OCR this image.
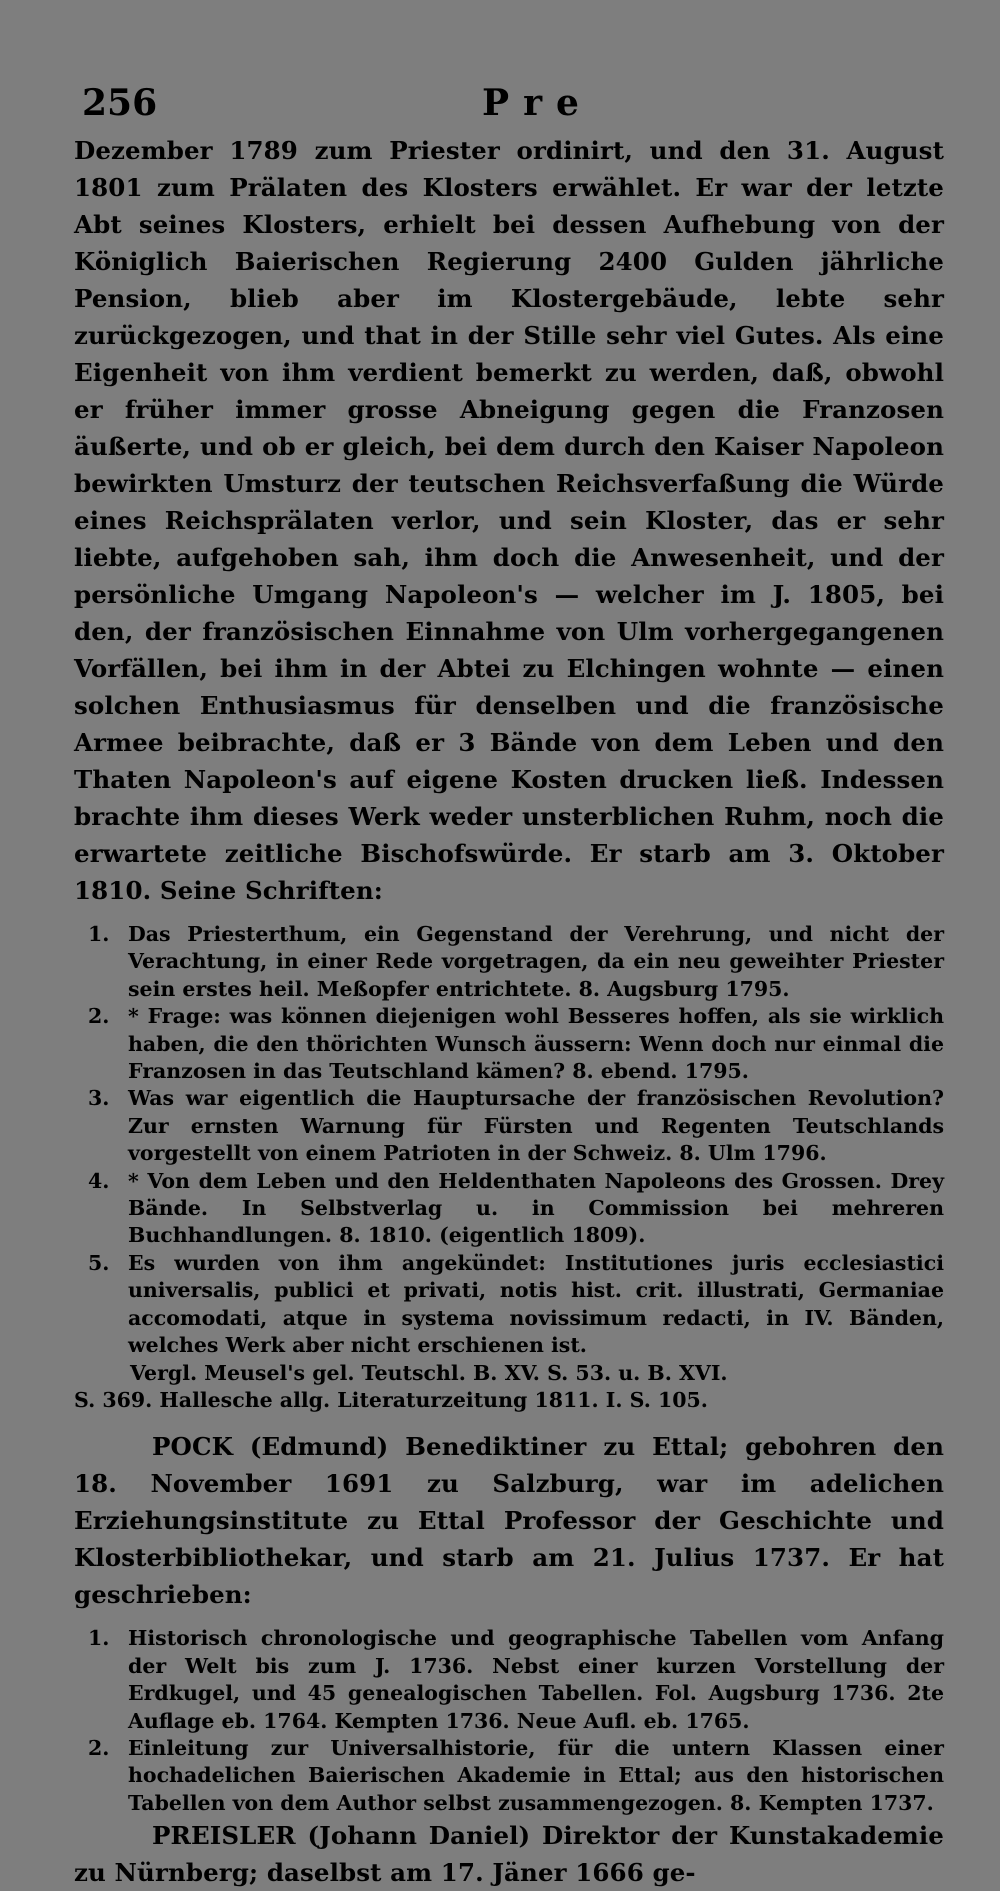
256	Pre

Dezember 1789 zum Priester ordinirt, und den 31. August 1801 zum Prälaten des Klosters erwählet. Er war der letzte Abt seines Klosters, erhielt bei dessen Aufhebung von der Königlich Baierischen Regierung 2400 Gulden jährliche Pension, blieb aber im Klostergebäude, lebte sehr zurückgezogen, und that in der Stille sehr viel Gutes. Als eine Eigenheit von ihm verdient bemerkt zu werden, daß, obwohl er früher immer grosse Abneigung gegen die Franzosen äußerte, und ob er gleich, bei dem durch den Kaiser Napoleon bewirkten Umsturz der teutschen Reichsverfaßung die Würde eines Reichsprälaten verlor, und sein Kloster, das er sehr liebte, aufgehoben sah, ihm doch die Anwesenheit, und der persönliche Umgang Napoleon's — welcher im J. 1805, bei den, der französischen Einnahme von Ulm vorhergegangenen Vorfällen, bei ihm in der Abtei zu Elchingen wohnte — einen solchen Enthusiasmus für denselben und die französische Armee beibrachte, daß er 3 Bände von dem Leben und den Thaten Napoleon's auf eigene Kosten drucken ließ. Indessen brachte ihm dieses Werk weder unsterblichen Ruhm, noch die erwartete zeitliche Bischofswürde. Er starb am 3. Oktober 1810. Seine Schriften:

1. Das Priesterthum, ein Gegenstand der Verehrung, und nicht der Verachtung, in einer Rede vorgetragen, da ein neu geweihter Priester sein erstes heil. Meßopfer entrichtete. 8. Augsburg 1795.
2. * Frage: was können diejenigen wohl Besseres hoffen, als sie wirklich haben, die den thörichten Wunsch äussern: Wenn doch nur einmal die Franzosen in das Teutschland kämen? 8. ebend. 1795.
3. Was war eigentlich die Hauptursache der französischen Revolution? Zur ernsten Warnung für Fürsten und Regenten Teutschlands vorgestellt von einem Patrioten in der Schweiz. 8. Ulm 1796.
4. * Von dem Leben und den Heldenthaten Napoleons des Grossen. Drey Bände. In Selbstverlag u. in Commission bei mehreren Buchhandlungen. 8. 1810. (eigentlich 1809).
5. Es wurden von ihm angekündet: Institutiones juris ecclesiastici universalis, publici et privati, notis hist. crit. illustrati, Germaniae accomodati, atque in systema novissimum redacti, in IV. Bänden, welches Werk aber nicht erschienen ist.

Vergl. Meusel's gel. Teutschl. B. XV. S. 53. u. B. XVI.

S. 369. Hallesche allg. Literaturzeitung 1811. I. S. 105.

POCK (Edmund) Benediktiner zu Ettal; gebohren den 18. November 1691 zu Salzburg, war im adelichen Erziehungsinstitute zu Ettal Professor der Geschichte und Klosterbibliothekar, und starb am 21. Julius 1737. Er hat geschrieben:

1. Historisch chronologische und geographische Tabellen vom Anfang der Welt bis zum J. 1736. Nebst einer kurzen Vorstellung der Erdkugel, und 45 genealogischen Tabellen. Fol. Augsburg 1736. 2te Auflage eb. 1764. Kempten 1736. Neue Aufl. eb. 1765.
2. Einleitung zur Universalhistorie, für die untern Klassen einer hochadelichen Baierischen Akademie in Ettal; aus den historischen Tabellen von dem Author selbst zusammengezogen. 8. Kempten 1737.

PREISLER (Johann Daniel) Direktor der Kunstakademie zu Nürnberg; daselbst am 17. Jäner 1666 ge-
